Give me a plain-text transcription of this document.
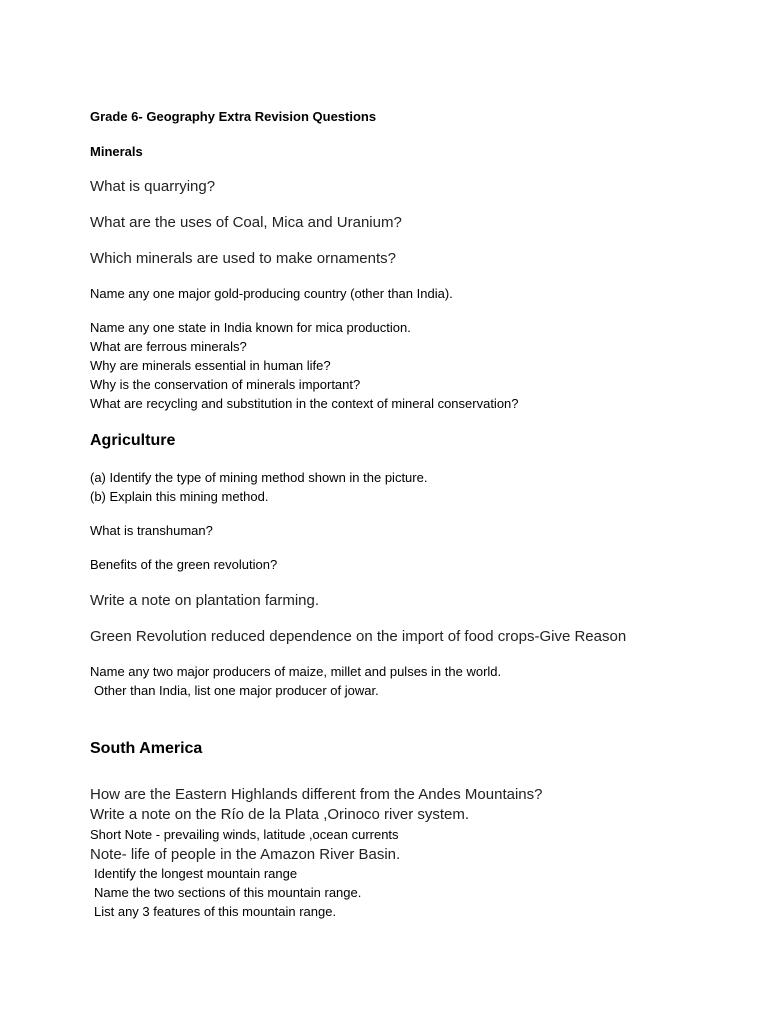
Grade 6- Geography Extra Revision Questions
Minerals
What is quarrying?
What are the uses of Coal, Mica and Uranium?
Which minerals are used to make ornaments?
Name any one major gold-producing country (other than India).
Name any one state in India known for mica production.
What are ferrous minerals?
Why are minerals essential in human life?
Why is the conservation of minerals important?
What are recycling and substitution in the context of mineral conservation?
Agriculture
(a) Identify the type of mining method shown in the picture.
(b) Explain this mining method.
What is transhuman?
Benefits of the green revolution?
Write a note on plantation farming.
Green Revolution reduced dependence on the import of food crops-Give Reason
Name any two major producers of maize, millet and pulses in the world.
Other than India, list one major producer of jowar.
South America
How are the Eastern Highlands different from the Andes Mountains?
Write a note on the Río de la Plata ,Orinoco river system.
Short Note - prevailing winds, latitude ,ocean currents
Note- life of people in the Amazon River Basin.
Identify the longest mountain range
Name the two sections of this mountain range.
List any 3 features of this mountain range.
